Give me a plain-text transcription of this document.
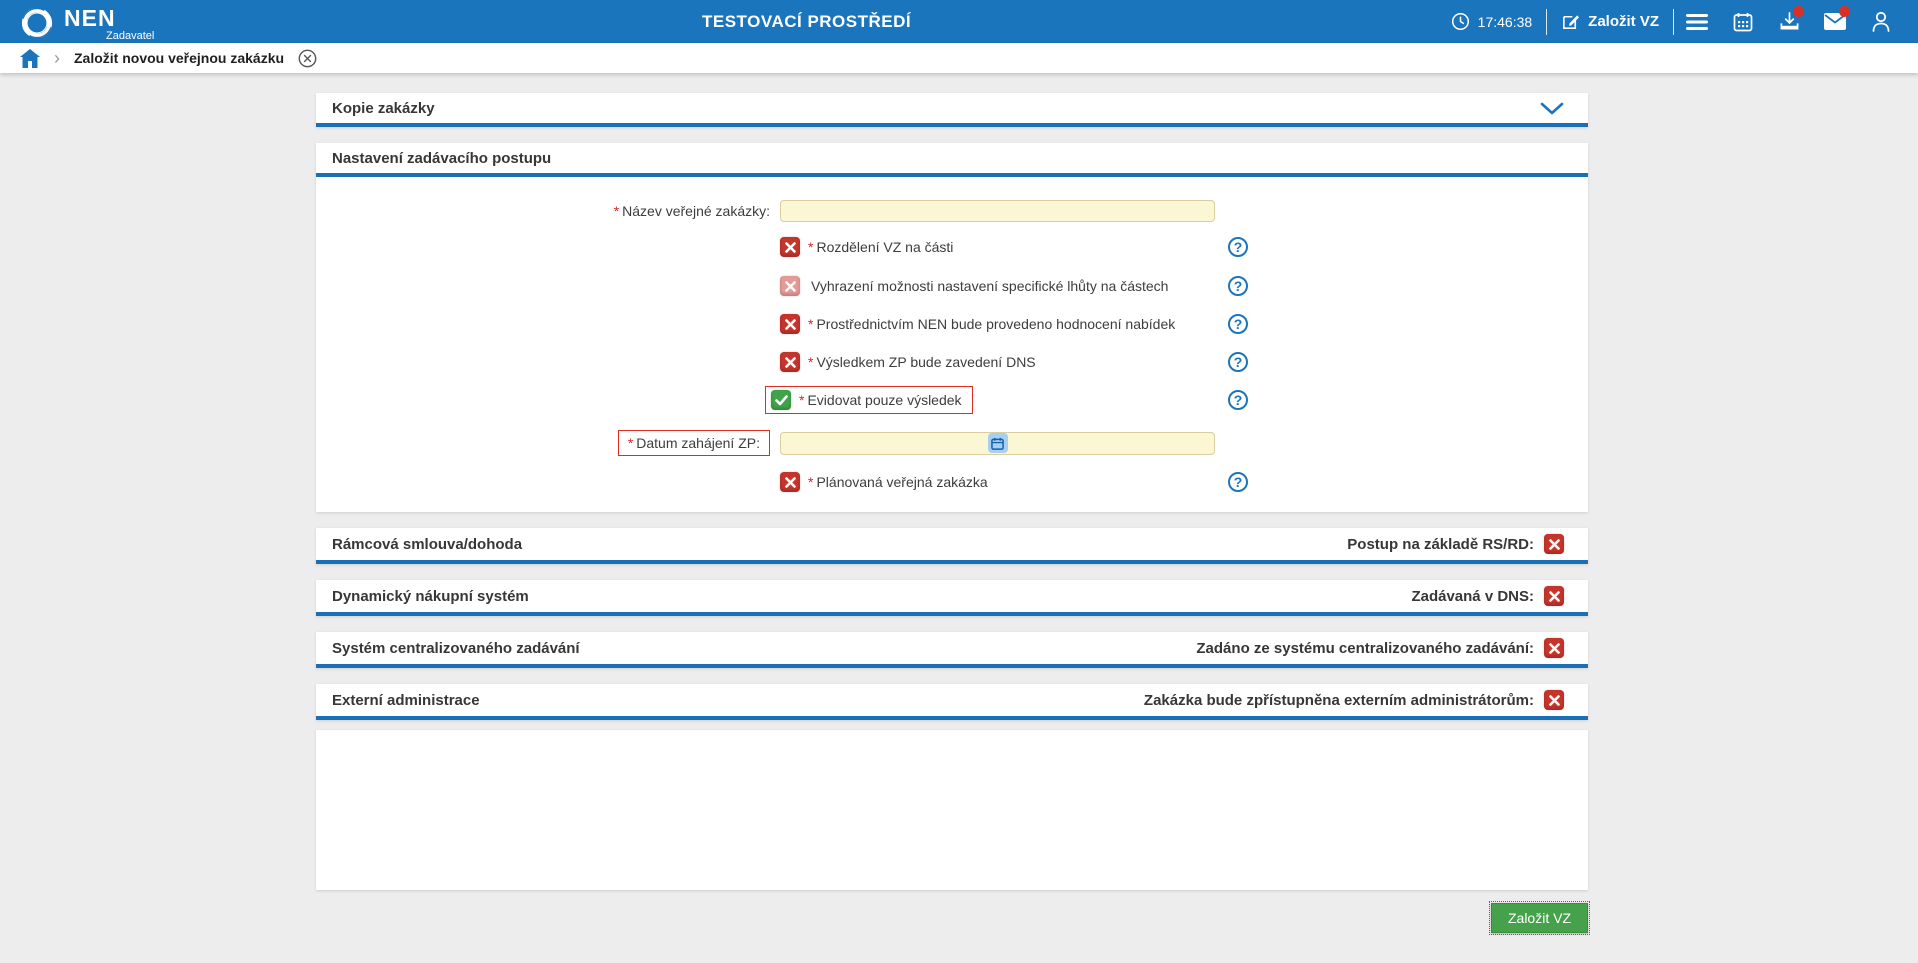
NEN
Zadavatel
TESTOVACÍ PROSTŘEDÍ	17:46:38	Založit VZ
› Založit novou veřejnou zakázku
Kopie zakázky
Nastavení zadávacího postupu
* Název veřejné zakázky:
* Rozdělení VZ na části	?
Vyhrazení možnosti nastavení specifické lhůty na částech	?
* Prostřednictvím NEN bude provedeno hodnocení nabídek	?
* Výsledkem ZP bude zavedení DNS	?
* Evidovat pouze výsledek	?
* Datum zahájení ZP:
* Plánovaná veřejná zakázka	?
Rámcová smlouva/dohoda	Postup na základě RS/RD:
Dynamický nákupní systém	Zadávaná v DNS:
Systém centralizovaného zadávání	Zadáno ze systému centralizovaného zadávání:
Externí administrace	Zakázka bude zpřístupněna externím administrátorům:
Založit VZ
